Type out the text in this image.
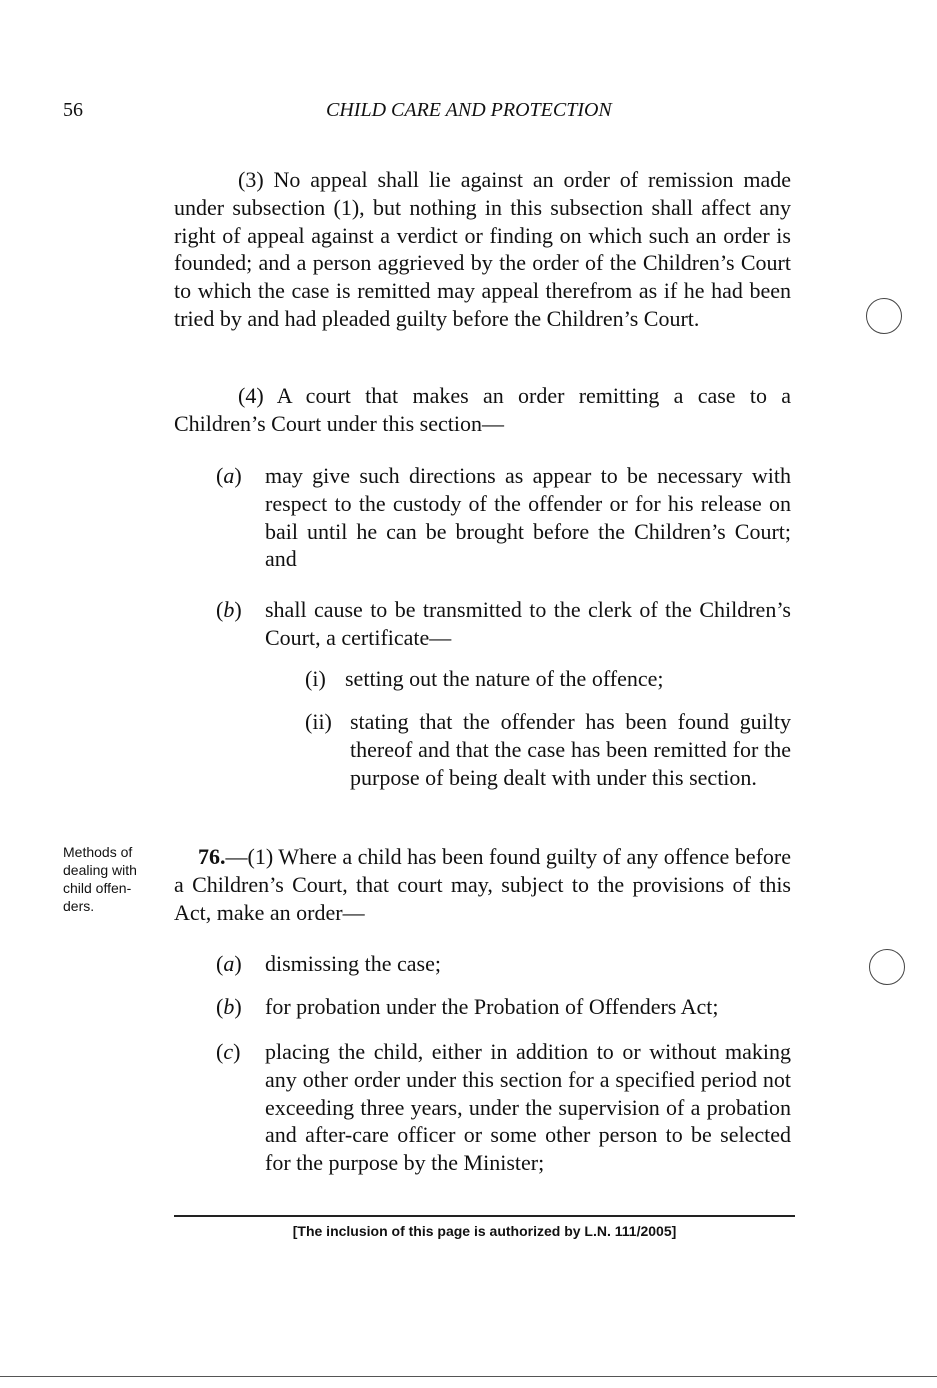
56	CHILD CARE AND PROTECTION

(3) No appeal shall lie against an order of remission made under subsection (1), but nothing in this subsection shall affect any right of appeal against a verdict or finding on which such an order is founded; and a person aggrieved by the order of the Children’s Court to which the case is remitted may appeal therefrom as if he had been tried by and had pleaded guilty before the Children’s Court.

(4) A court that makes an order remitting a case to a Children’s Court under this section—

(a)	may give such directions as appear to be necessary with respect to the custody of the offender or for his release on bail until he can be brought before the Children’s Court; and
(b)	shall cause to be transmitted to the clerk of the Children’s Court, a certificate—
(i) setting out the nature of the offence;
(ii) stating that the offender has been found guilty thereof and that the case has been remitted for the purpose of being dealt with under this section.
Methods of dealing with child offen-ders.

76.—(1) Where a child has been found guilty of any offence before a Children’s Court, that court may, subject to the provisions of this Act, make an order—

(a)	dismissing the case;
(b)	for probation under the Probation of Offenders Act;
(c)	placing the child, either in addition to or without making any other order under this section for a specified period not exceeding three years, under the supervision of a probation and after-care officer or some other person to be selected for the purpose by the Minister;
[The inclusion of this page is authorized by L.N. 111/2005]
